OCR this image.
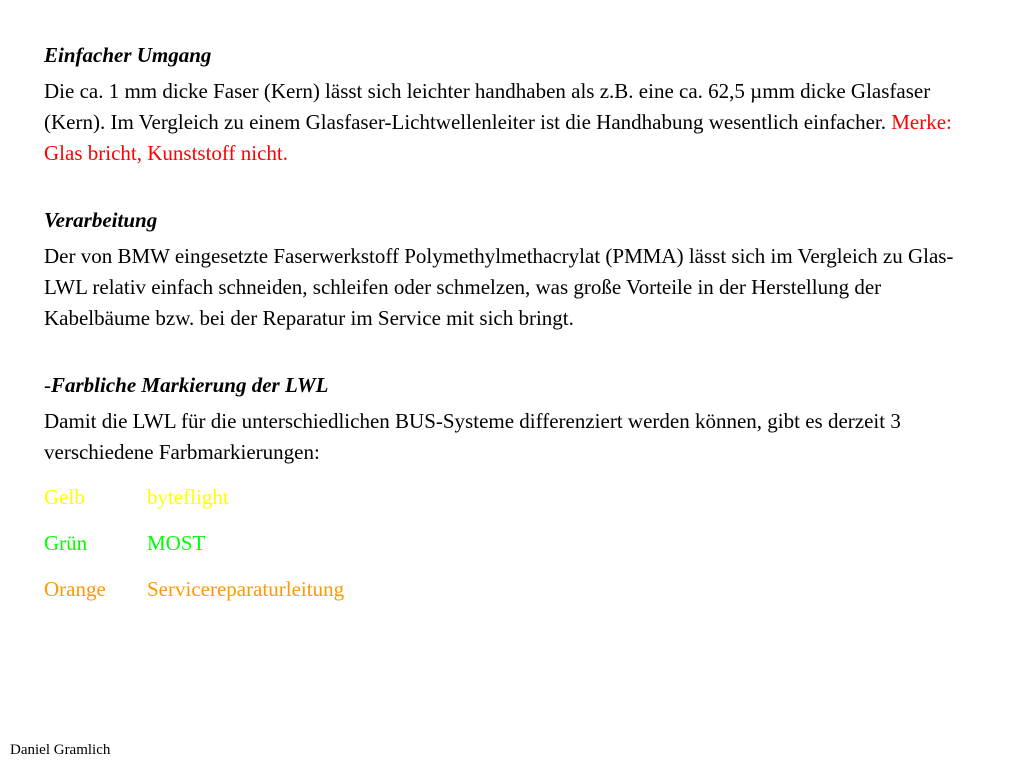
Einfacher Umgang

Die ca. 1 mm dicke Faser (Kern) lässt sich leichter handhaben als z.B. eine ca. 62,5 µmm dicke Glasfaser (Kern). Im Vergleich zu einem Glasfaser-Lichtwellenleiter ist die Handhabung wesentlich einfacher. Merke: Glas bricht, Kunststoff nicht.

Verarbeitung

Der von BMW eingesetzte Faserwerkstoff Polymethylmethacrylat (PMMA) lässt sich im Vergleich zu Glas-LWL relativ einfach schneiden, schleifen oder schmelzen, was große Vorteile in der Herstellung der Kabelbäume bzw. bei der Reparatur im Service mit sich bringt.

-Farbliche Markierung der LWL

Damit die LWL für die unterschiedlichen BUS-Systeme differenziert werden können, gibt es derzeit 3 verschiedene Farbmarkierungen:

Gelb	byteflight
Grün	MOST
Orange	Servicereparaturleitung
Daniel Gramlich
